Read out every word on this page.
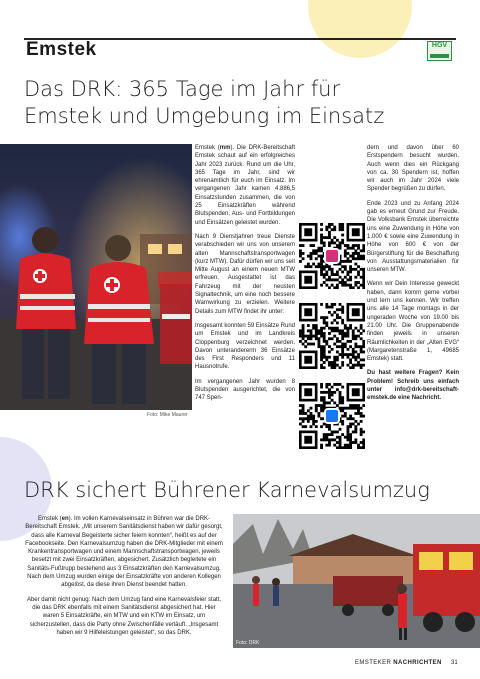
Emstek	HGV
Das DRK: 365 Tage im Jahr für
Emstek und Umgebung im Einsatz
Foto: Mike Maurer

Emstek (mm). Die DRK-Bereitschaft Emstek schaut auf ein erfolgreiches Jahr 2023 zurück. Rund um die Uhr, 365 Tage im Jahr, sind wir ehrenamtlich für euch im Einsatz. Im vergangenen Jahr kamen 4.886,5 Einsatzstunden zusammen, die von 25 Einsatzkräften während Blutspenden, Aus- und Fortbildungen und Einsätzen geleistet wurden.

Nach 9 Dienstjahren treue Dienste verabschieden wir uns von unserem alten Mannschaftstransportwagen (kurz MTW). Dafür dürfen wir uns seit Mitte August an einem neuen MTW erfreuen. Ausgestattet ist das Fahrzeug mit der neusten Signaltechnik, um eine noch bessere Warnwirkung zu erzielen. Weitere Details zum MTW findet ihr unter:

Insgesamt konnten 59 Einsätze Rund um Emstek und im Landkreis Cloppenburg verzeichnet werden. Davon unterandererm 36 Einsätze des First Responders und 11 Hausnotrufe.

Im vergangenen Jahr wurden 8 Blutspenden ausgerichtet, die von 747 Spen-

dern und davon über 60 Erstspendern besucht wurden. Auch wenn dies ein Rückgang von ca. 30 Spendern ist, hoffen wir auch im Jahr 2024 viele Spender begrüßen zu dürfen.

Ende 2023 und zu Anfang 2024 gab es erneut Grund zur Freude. Die Volksbank Emstek überreichte uns eine Zuwendung in Höhe von 1.000 € sowie eine Zuwendung in Höhe von 600 € von der Bürgerstiftung für die Beschaffung von Ausstattungsmaterialien für unseren MTW.

Wenn wir Dein Interesse geweckt haben, dann komm gerne vorbei und lern uns kennen. Wir treffen uns alle 14 Tage montags in der ungeraden Woche von 19.00 bis 21.00 Uhr. Die Gruppenabende finden jeweils in unseren Räumlichkeiten in der „Alten EVG“ (Margaretenstraße 1, 49685 Emstek) statt.

Du hast weitere Fragen? Kein Problem! Schreib uns einfach unter info@drk-bereitschaft-emstek.de eine Nachricht.

DRK sichert Bührener Karnevalsumzug

Emstek (en). Im vollen Karnevalseinsatz in Bühren war die DRK-Bereitschaft Emstek. „Mit unserem Sanitätsdienst haben wir dafür gesorgt, dass alle Karneval Begeisterte sicher feiern konnten“, heißt es auf der Facebookseite. Den Karnevalsumzug haben die DRK-Mitglieder mit einem Krankentransportwagen und einem Mannschaftstransportwagen, jeweils besetzt mit zwei Einsatzkräften, abgesichert. Zusätzlich begleitete ein Sanitäts-Fußtrupp bestehend aus 3 Einsatzkräften den Karnevalsumzug. Nach dem Umzug wurden einige der Einsatzkräfte von anderen Kollegen abgelöst, da diese ihren Dienst beendet hatten.

Aber damit nicht genug: Nach dem Umzug fand eine Karnevalsfeier statt, die das DRK ebenfalls mit einem Sanitätsdienst abgesichert hat. Hier waren 5 Einsatzkräfte, ein MTW und ein KTW im Einsatz, um sicherzustellen, dass die Party ohne Zwischenfälle verläuft. „Insgesamt haben wir 9 Hilfeleistungen geleistet“, so das DRK.

Foto: DRK
EMSTEKER NACHRICHTEN 31
